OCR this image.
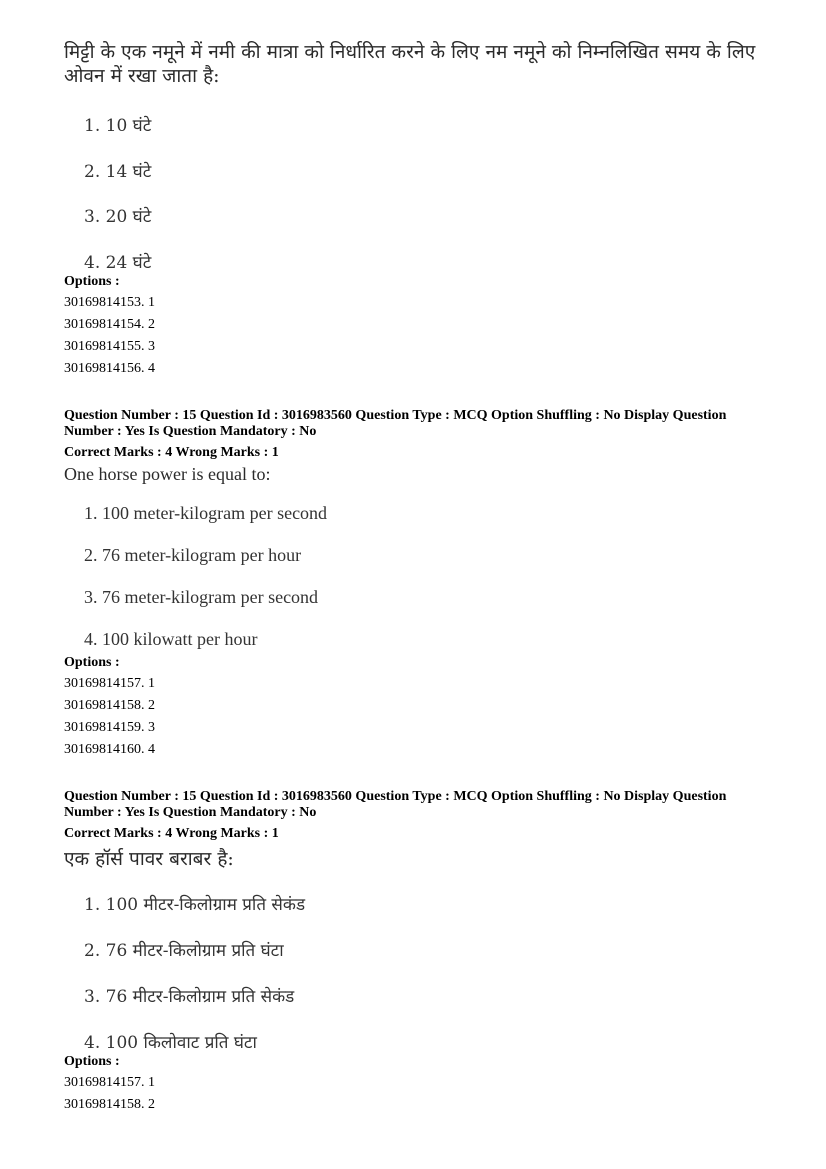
मिट्टी के एक नमूने में नमी की मात्रा को निर्धारित करने के लिए नम नमूने को निम्नलिखित समय के लिए
ओवन में रखा जाता है:
1. 10 घंटे
2. 14 घंटे
3. 20 घंटे
4. 24 घंटे
Options :
30169814153. 1
30169814154. 2
30169814155. 3
30169814156. 4
Question Number : 15 Question Id : 3016983560 Question Type : MCQ Option Shuffling : No Display Question
Number : Yes Is Question Mandatory : No
Correct Marks : 4 Wrong Marks : 1
One horse power is equal to:
1. 100 meter-kilogram per second
2. 76 meter-kilogram per hour
3. 76 meter-kilogram per second
4. 100 kilowatt per hour
Options :
30169814157. 1
30169814158. 2
30169814159. 3
30169814160. 4
Question Number : 15 Question Id : 3016983560 Question Type : MCQ Option Shuffling : No Display Question
Number : Yes Is Question Mandatory : No
Correct Marks : 4 Wrong Marks : 1
एक हॉर्स पावर बराबर है:
1. 100 मीटर-किलोग्राम प्रति सेकंड
2. 76 मीटर-किलोग्राम प्रति घंटा
3. 76 मीटर-किलोग्राम प्रति सेकंड
4. 100 किलोवाट प्रति घंटा
Options :
30169814157. 1
30169814158. 2
